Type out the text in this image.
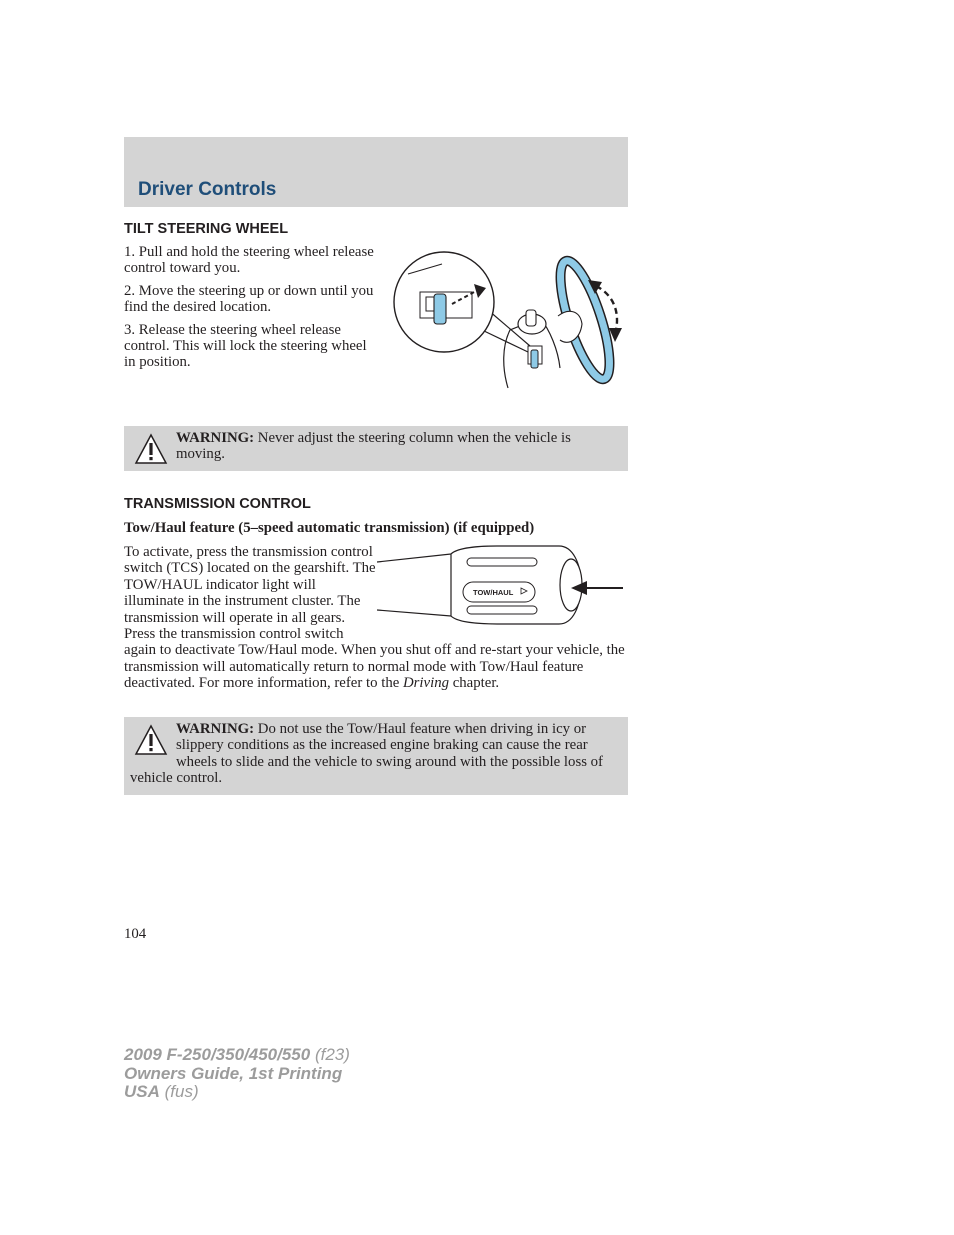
Driver Controls
TILT STEERING WHEEL

1. Pull and hold the steering wheel release control toward you.

2. Move the steering up or down until you find the desired location.

3. Release the steering wheel release control. This will lock the steering wheel in position.

WARNING: Never adjust the steering column when the vehicle is moving.
TRANSMISSION CONTROL
Tow/Haul feature (5–speed automatic transmission) (if equipped)

TOW/HAUL
To activate, press the transmission control switch (TCS) located on the gearshift. The TOW/HAUL indicator light will illuminate in the instrument cluster. The transmission will operate in all gears. Press the transmission control switch again to deactivate Tow/Haul mode. When you shut off and re-start your vehicle, the transmission will automatically return to normal mode with Tow/Haul feature deactivated. For more information, refer to the Driving chapter.

WARNING: Do not use the Tow/Haul feature when driving in icy or slippery conditions as the increased engine braking can cause the rear wheels to slide and the vehicle to swing around with the possible loss of vehicle control.
104
2009 F-250/350/450/550 (f23)
Owners Guide, 1st Printing
USA (fus)
